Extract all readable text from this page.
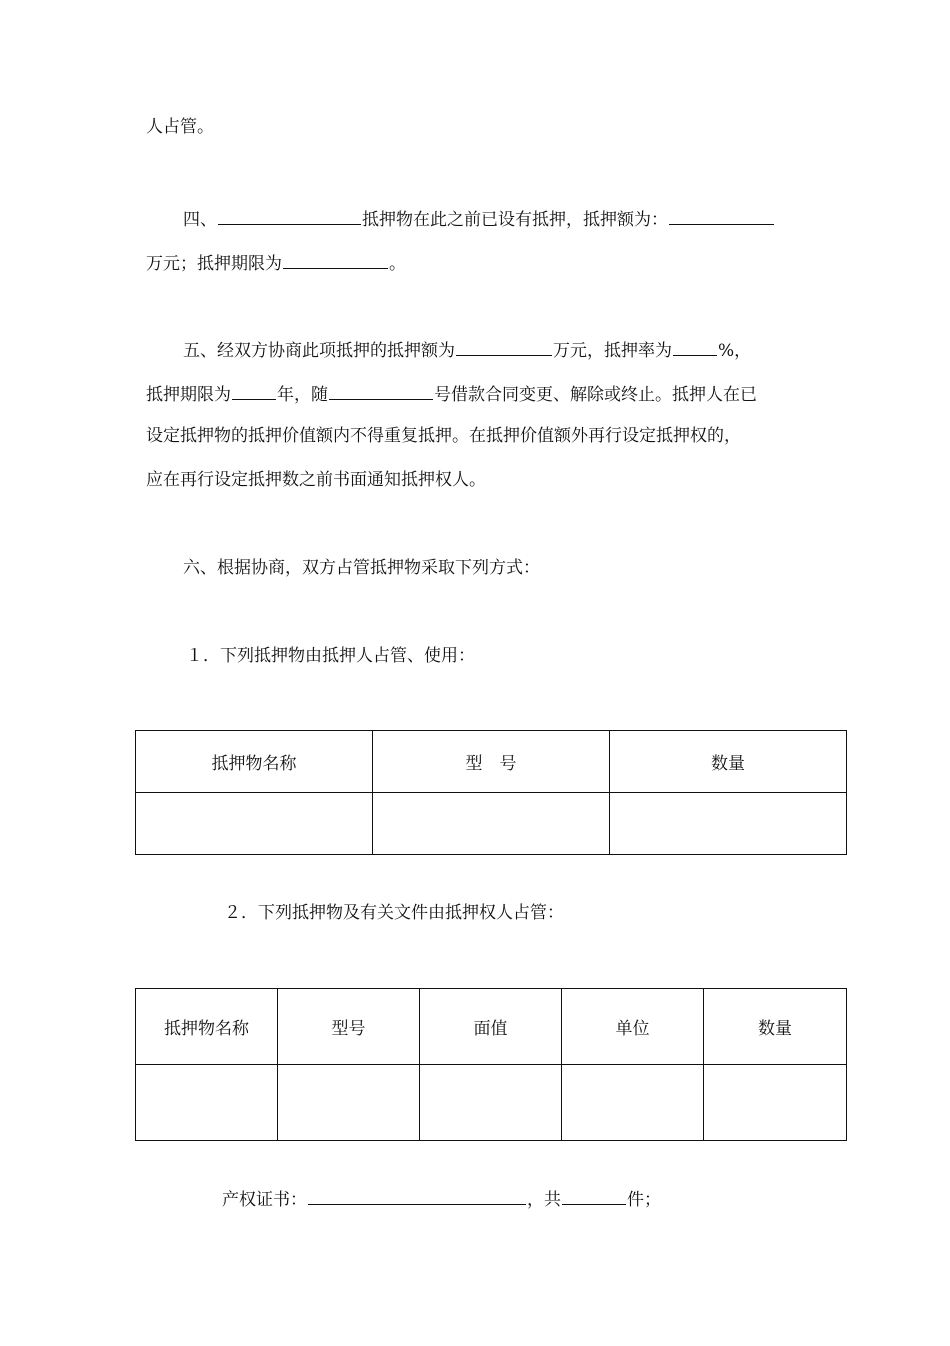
人占管。
四、	抵押物在此之前已设有抵押，抵押额为：
万元；抵押期限为	。
五、经双方协商此项抵押的抵押额为	万元，抵押率为	%，
抵押期限为	年，随	号借款合同变更、解除或终止。抵押人在已
设定抵押物的抵押价值额内不得重复抵押。在抵押价值额外再行设定抵押权的，
应在再行设定抵押数之前书面通知抵押权人。
六、根据协商，双方占管抵押物采取下列方式：
１．下列抵押物由抵押人占管、使用：
抵押物名称	型　号	数量

２．下列抵押物及有关文件由抵押权人占管：
抵押物名称	型号	面值	单位	数量

产权证书：	，共	件；
